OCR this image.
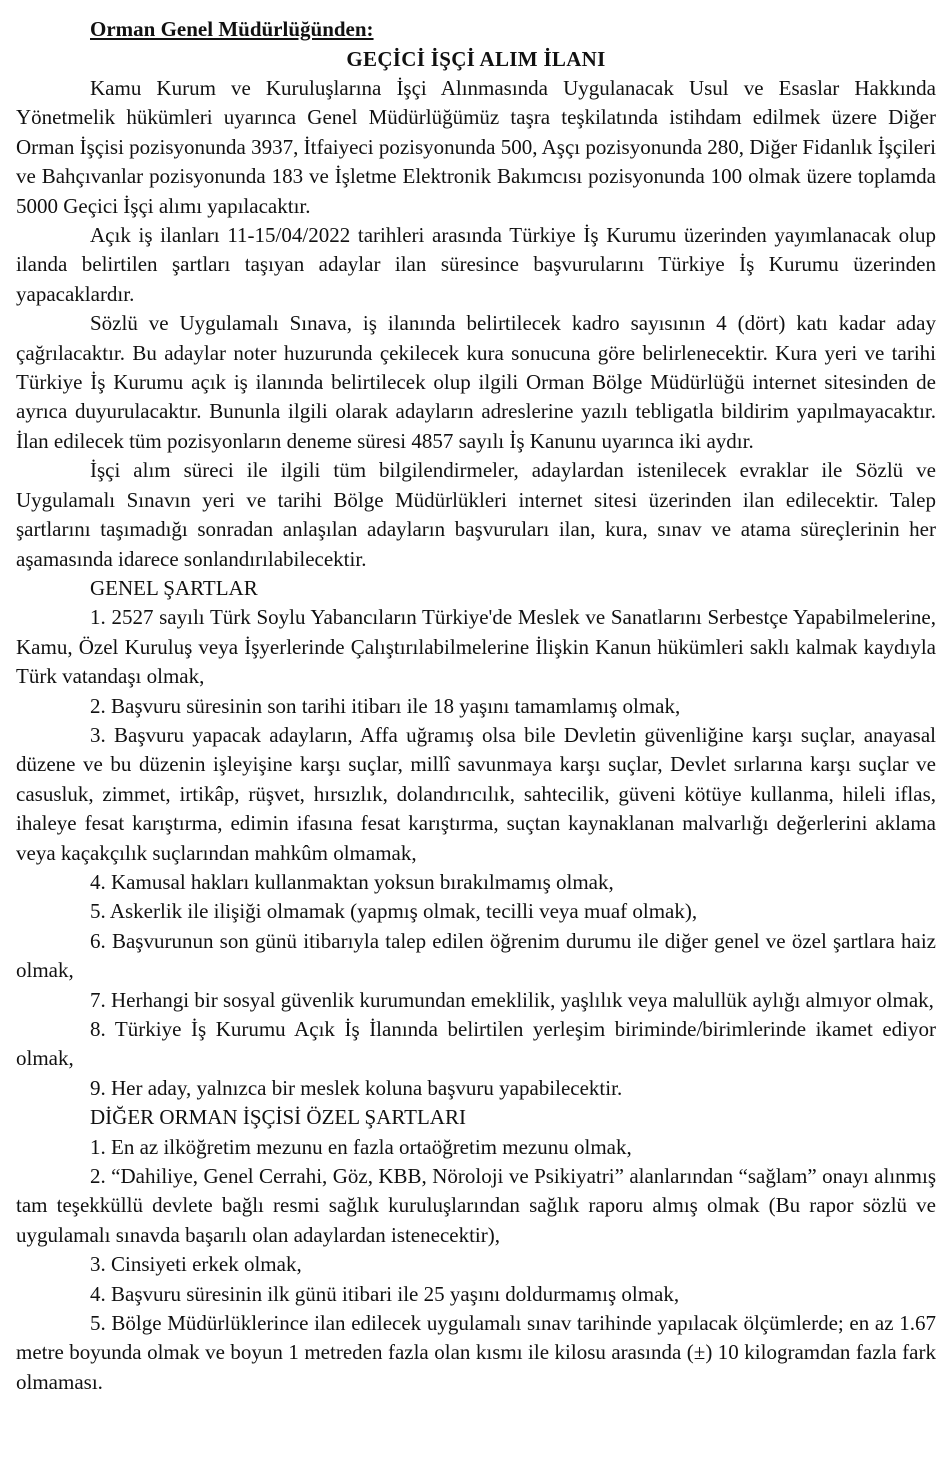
Orman Genel Müdürlüğünden:

GEÇİCİ İŞÇİ ALIM İLANI

Kamu Kurum ve Kuruluşlarına İşçi Alınmasında Uygulanacak Usul ve Esaslar Hakkında Yönetmelik hükümleri uyarınca Genel Müdürlüğümüz taşra teşkilatında istihdam edilmek üzere Diğer Orman İşçisi pozisyonunda 3937, İtfaiyeci pozisyonunda 500, Aşçı pozisyonunda 280, Diğer Fidanlık İşçileri ve Bahçıvanlar pozisyonunda 183 ve İşletme Elektronik Bakımcısı pozisyonunda 100 olmak üzere toplamda 5000 Geçici İşçi alımı yapılacaktır.

Açık iş ilanları 11-15/04/2022 tarihleri arasında Türkiye İş Kurumu üzerinden yayımlanacak olup ilanda belirtilen şartları taşıyan adaylar ilan süresince başvurularını Türkiye İş Kurumu üzerinden yapacaklardır.

Sözlü ve Uygulamalı Sınava, iş ilanında belirtilecek kadro sayısının 4 (dört) katı kadar aday çağrılacaktır. Bu adaylar noter huzurunda çekilecek kura sonucuna göre belirlenecektir. Kura yeri ve tarihi Türkiye İş Kurumu açık iş ilanında belirtilecek olup ilgili Orman Bölge Müdürlüğü internet sitesinden de ayrıca duyurulacaktır. Bununla ilgili olarak adayların adreslerine yazılı tebligatla bildirim yapılmayacaktır. İlan edilecek tüm pozisyonların deneme süresi 4857 sayılı İş Kanunu uyarınca iki aydır.

İşçi alım süreci ile ilgili tüm bilgilendirmeler, adaylardan istenilecek evraklar ile Sözlü ve Uygulamalı Sınavın yeri ve tarihi Bölge Müdürlükleri internet sitesi üzerinden ilan edilecektir. Talep şartlarını taşımadığı sonradan anlaşılan adayların başvuruları ilan, kura, sınav ve atama süreçlerinin her aşamasında idarece sonlandırılabilecektir.

GENEL ŞARTLAR

1. 2527 sayılı Türk Soylu Yabancıların Türkiye'de Meslek ve Sanatlarını Serbestçe Yapabilmelerine, Kamu, Özel Kuruluş veya İşyerlerinde Çalıştırılabilmelerine İlişkin Kanun hükümleri saklı kalmak kaydıyla Türk vatandaşı olmak,

2. Başvuru süresinin son tarihi itibarı ile 18 yaşını tamamlamış olmak,

3. Başvuru yapacak adayların, Affa uğramış olsa bile Devletin güvenliğine karşı suçlar, anayasal düzene ve bu düzenin işleyişine karşı suçlar, millî savunmaya karşı suçlar, Devlet sırlarına karşı suçlar ve casusluk, zimmet, irtikâp, rüşvet, hırsızlık, dolandırıcılık, sahtecilik, güveni kötüye kullanma, hileli iflas, ihaleye fesat karıştırma, edimin ifasına fesat karıştırma, suçtan kaynaklanan malvarlığı değerlerini aklama veya kaçakçılık suçlarından mahkûm olmamak,

4. Kamusal hakları kullanmaktan yoksun bırakılmamış olmak,

5. Askerlik ile ilişiği olmamak (yapmış olmak, tecilli veya muaf olmak),

6. Başvurunun son günü itibarıyla talep edilen öğrenim durumu ile diğer genel ve özel şartlara haiz olmak,

7. Herhangi bir sosyal güvenlik kurumundan emeklilik, yaşlılık veya malullük aylığı almıyor olmak,

8. Türkiye İş Kurumu Açık İş İlanında belirtilen yerleşim biriminde/birimlerinde ikamet ediyor olmak,

9. Her aday, yalnızca bir meslek koluna başvuru yapabilecektir.

DİĞER ORMAN İŞÇİSİ ÖZEL ŞARTLARI

1. En az ilköğretim mezunu en fazla ortaöğretim mezunu olmak,

2. “Dahiliye, Genel Cerrahi, Göz, KBB, Nöroloji ve Psikiyatri” alanlarından “sağlam” onayı alınmış tam teşekküllü devlete bağlı resmi sağlık kuruluşlarından sağlık raporu almış olmak (Bu rapor sözlü ve uygulamalı sınavda başarılı olan adaylardan istenecektir),

3. Cinsiyeti erkek olmak,

4. Başvuru süresinin ilk günü itibari ile 25 yaşını doldurmamış olmak,

5. Bölge Müdürlüklerince ilan edilecek uygulamalı sınav tarihinde yapılacak ölçümlerde; en az 1.67 metre boyunda olmak ve boyun 1 metreden fazla olan kısmı ile kilosu arasında (±) 10 kilogramdan fazla fark olmaması.
